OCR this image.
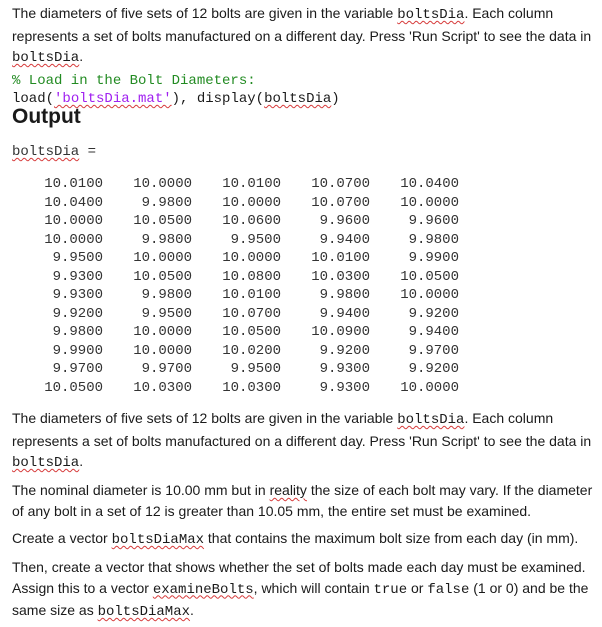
The diameters of five sets of 12 bolts are given in the variable boltsDia. Each column represents a set of bolts manufactured on a different day. Press 'Run Script' to see the data in boltsDia.

% Load in the Bolt Diameters:
load('boltsDia.mat'), display(boltsDia)
Output
boltsDia =
10.0100	10.0000	10.0100	10.0700	10.0400
10.0400	9.9800	10.0000	10.0700	10.0000
10.0000	10.0500	10.0600	9.9600	9.9600
10.0000	9.9800	9.9500	9.9400	9.9800
9.9500	10.0000	10.0000	10.0100	9.9900
9.9300	10.0500	10.0800	10.0300	10.0500
9.9300	9.9800	10.0100	9.9800	10.0000
9.9200	9.9500	10.0700	9.9400	9.9200
9.9800	10.0000	10.0500	10.0900	9.9400
9.9900	10.0000	10.0200	9.9200	9.9700
9.9700	9.9700	9.9500	9.9300	9.9200
10.0500	10.0300	10.0300	9.9300	10.0000

The diameters of five sets of 12 bolts are given in the variable boltsDia. Each column represents a set of bolts manufactured on a different day. Press 'Run Script' to see the data in boltsDia.

The nominal diameter is 10.00 mm but in reality the size of each bolt may vary. If the diameter of any bolt in a set of 12 is greater than 10.05 mm, the entire set must be examined.

Create a vector boltsDiaMax that contains the maximum bolt size from each day (in mm).

Then, create a vector that shows whether the set of bolts made each day must be examined. Assign this to a vector examineBolts, which will contain true or false (1 or 0) and be the same size as boltsDiaMax.
